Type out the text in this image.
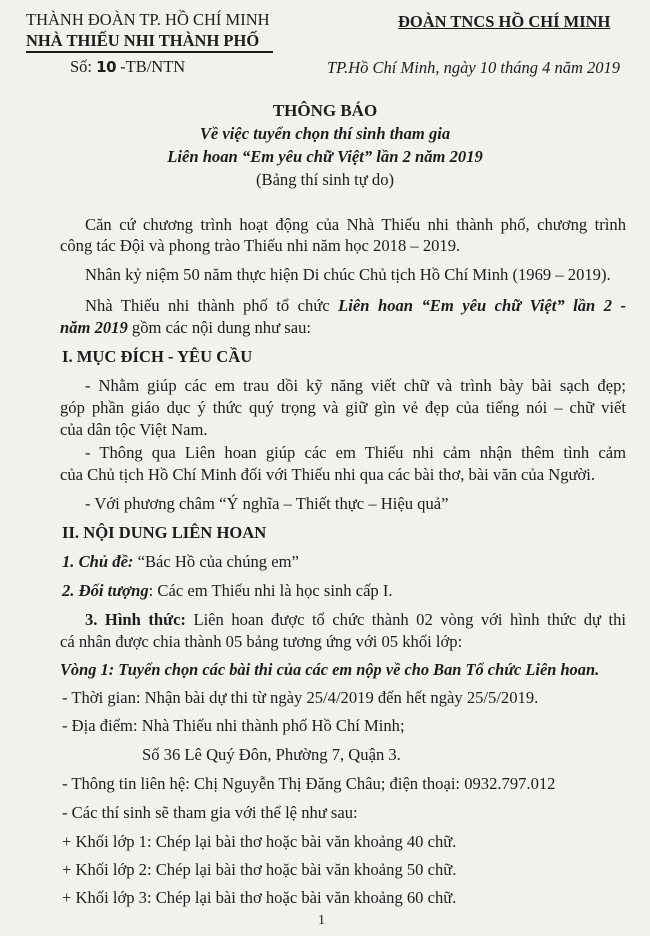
THÀNH ĐOÀN TP. HỒ CHÍ MINH
NHÀ THIẾU NHI THÀNH PHỐ
Số: 10 -TB/NTN
ĐOÀN TNCS HỒ CHÍ MINH
TP.Hồ Chí Minh, ngày 10 tháng 4 năm 2019
THÔNG BÁO
Về việc tuyển chọn thí sinh tham gia
Liên hoan “Em yêu chữ Việt” lần 2 năm 2019
(Bảng thí sinh tự do)
Căn cứ chương trình hoạt động của Nhà Thiếu nhi thành phố, chương trình
công tác Đội và phong trào Thiếu nhi năm học 2018 – 2019.
Nhân kỷ niệm 50 năm thực hiện Di chúc Chủ tịch Hồ Chí Minh (1969 – 2019).
Nhà Thiếu nhi thành phố tổ chức Liên hoan “Em yêu chữ Việt” lần 2 -
năm 2019 gồm các nội dung như sau:
I. MỤC ĐÍCH - YÊU CẦU
- Nhằm giúp các em trau dồi kỹ năng viết chữ và trình bày bài sạch đẹp;
góp phần giáo dục ý thức quý trọng và giữ gìn vẻ đẹp của tiếng nói – chữ viết
của dân tộc Việt Nam.
- Thông qua Liên hoan giúp các em Thiếu nhi cảm nhận thêm tình cảm
của Chủ tịch Hồ Chí Minh đối với Thiếu nhi qua các bài thơ, bài văn của Người.
- Với phương châm “Ý nghĩa – Thiết thực – Hiệu quả”
II. NỘI DUNG LIÊN HOAN
1. Chủ đề: “Bác Hồ của chúng em”
2. Đối tượng: Các em Thiếu nhi là học sinh cấp I.
3. Hình thức: Liên hoan được tổ chức thành 02 vòng với hình thức dự thi
cá nhân được chia thành 05 bảng tương ứng với 05 khối lớp:
Vòng 1: Tuyển chọn các bài thi của các em nộp về cho Ban Tổ chức Liên hoan.
- Thời gian: Nhận bài dự thi từ ngày 25/4/2019 đến hết ngày 25/5/2019.
- Địa điểm: Nhà Thiếu nhi thành phố Hồ Chí Minh;
Số 36 Lê Quý Đôn, Phường 7, Quận 3.
- Thông tin liên hệ: Chị Nguyễn Thị Đăng Châu; điện thoại: 0932.797.012
- Các thí sinh sẽ tham gia với thể lệ như sau:
+ Khối lớp 1: Chép lại bài thơ hoặc bài văn khoảng 40 chữ.
+ Khối lớp 2: Chép lại bài thơ hoặc bài văn khoảng 50 chữ.
+ Khối lớp 3: Chép lại bài thơ hoặc bài văn khoảng 60 chữ.
1
